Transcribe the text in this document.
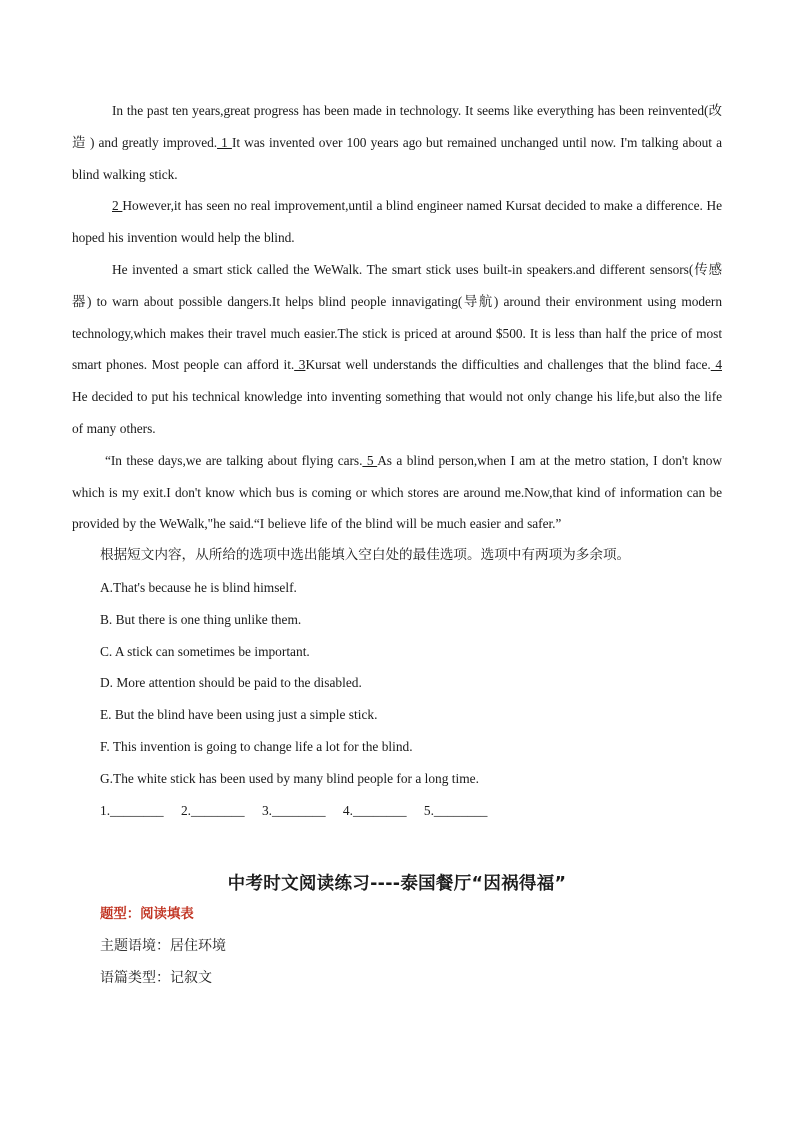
In the past ten years,great progress has been made in technology. It seems like everything has been reinvented(改造 ) and greatly improved. 1 It was invented over 100 years ago but remained unchanged until now. I'm talking about a blind walking stick.

2 However,it has seen no real improvement,until a blind engineer named Kursat decided to make a difference. He hoped his invention would help the blind.

He invented a smart stick called the WeWalk. The smart stick uses built-in speakers.and different sensors(传感器) to warn about possible dangers.It helps blind people innavigating(导航) around their environment using modern technology,which makes their travel much easier.The stick is priced at around $500. It is less than half the price of most smart phones. Most people can afford it. 3Kursat well understands the difficulties and challenges that the blind face. 4 He decided to put his technical knowledge into inventing something that would not only change his life,but also the life of many others.

“In these days,we are talking about flying cars. 5 As a blind person,when I am at the metro station, I don't know which is my exit.I don't know which bus is coming or which stores are around me.Now,that kind of information can be provided by the WeWalk,"he said.“I believe life of the blind will be much easier and safer.”

根据短文内容，从所给的选项中选出能填入空白处的最佳选项。选项中有两项为多余项。

A.That's because he is blind himself.

B. But there is one thing unlike them.

C. A stick can sometimes be important.

D. More attention should be paid to the disabled.

E. But the blind have been using just a simple stick.

F. This invention is going to change life a lot for the blind.

G.The white stick has been used by many blind people for a long time.

1.________ 2.________ 3.________ 4.________ 5.________

中考时文阅读练习----泰国餐厅“因祸得福”
题型：阅读填表
主题语境：居住环境
语篇类型：记叙文
